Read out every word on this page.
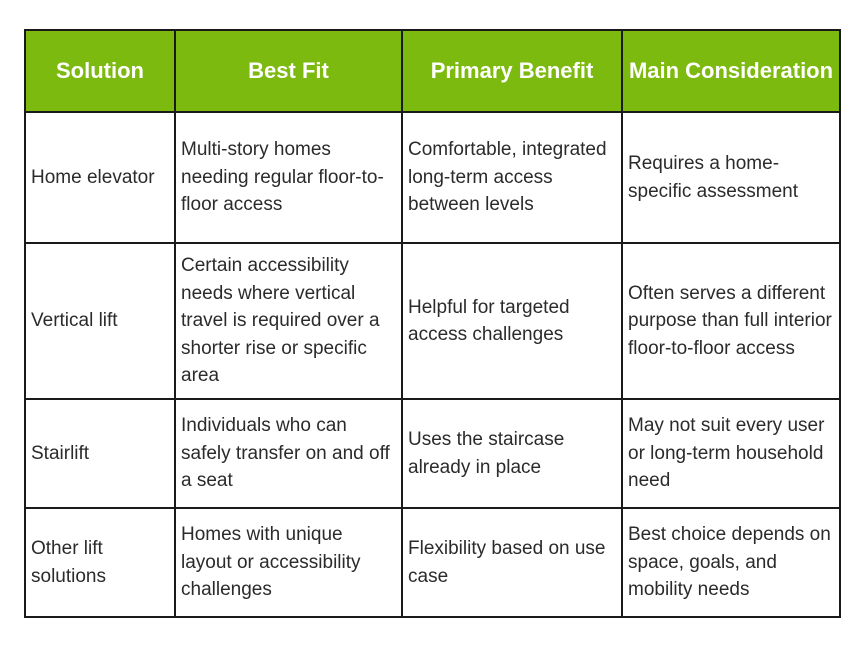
Solution	Best Fit	Primary Benefit	Main Consideration
Home elevator	Multi-story homes needing regular floor-to-floor access	Comfortable, integrated long-term access between levels	Requires a home-specific assessment
Vertical lift	Certain accessibility needs where vertical travel is required over a shorter rise or specific area	Helpful for targeted access challenges	Often serves a different purpose than full interior floor-to-floor access
Stairlift	Individuals who can safely transfer on and off a seat	Uses the staircase already in place	May not suit every user or long-term household need
Other lift solutions	Homes with unique layout or accessibility challenges	Flexibility based on use case	Best choice depends on space, goals, and mobility needs
